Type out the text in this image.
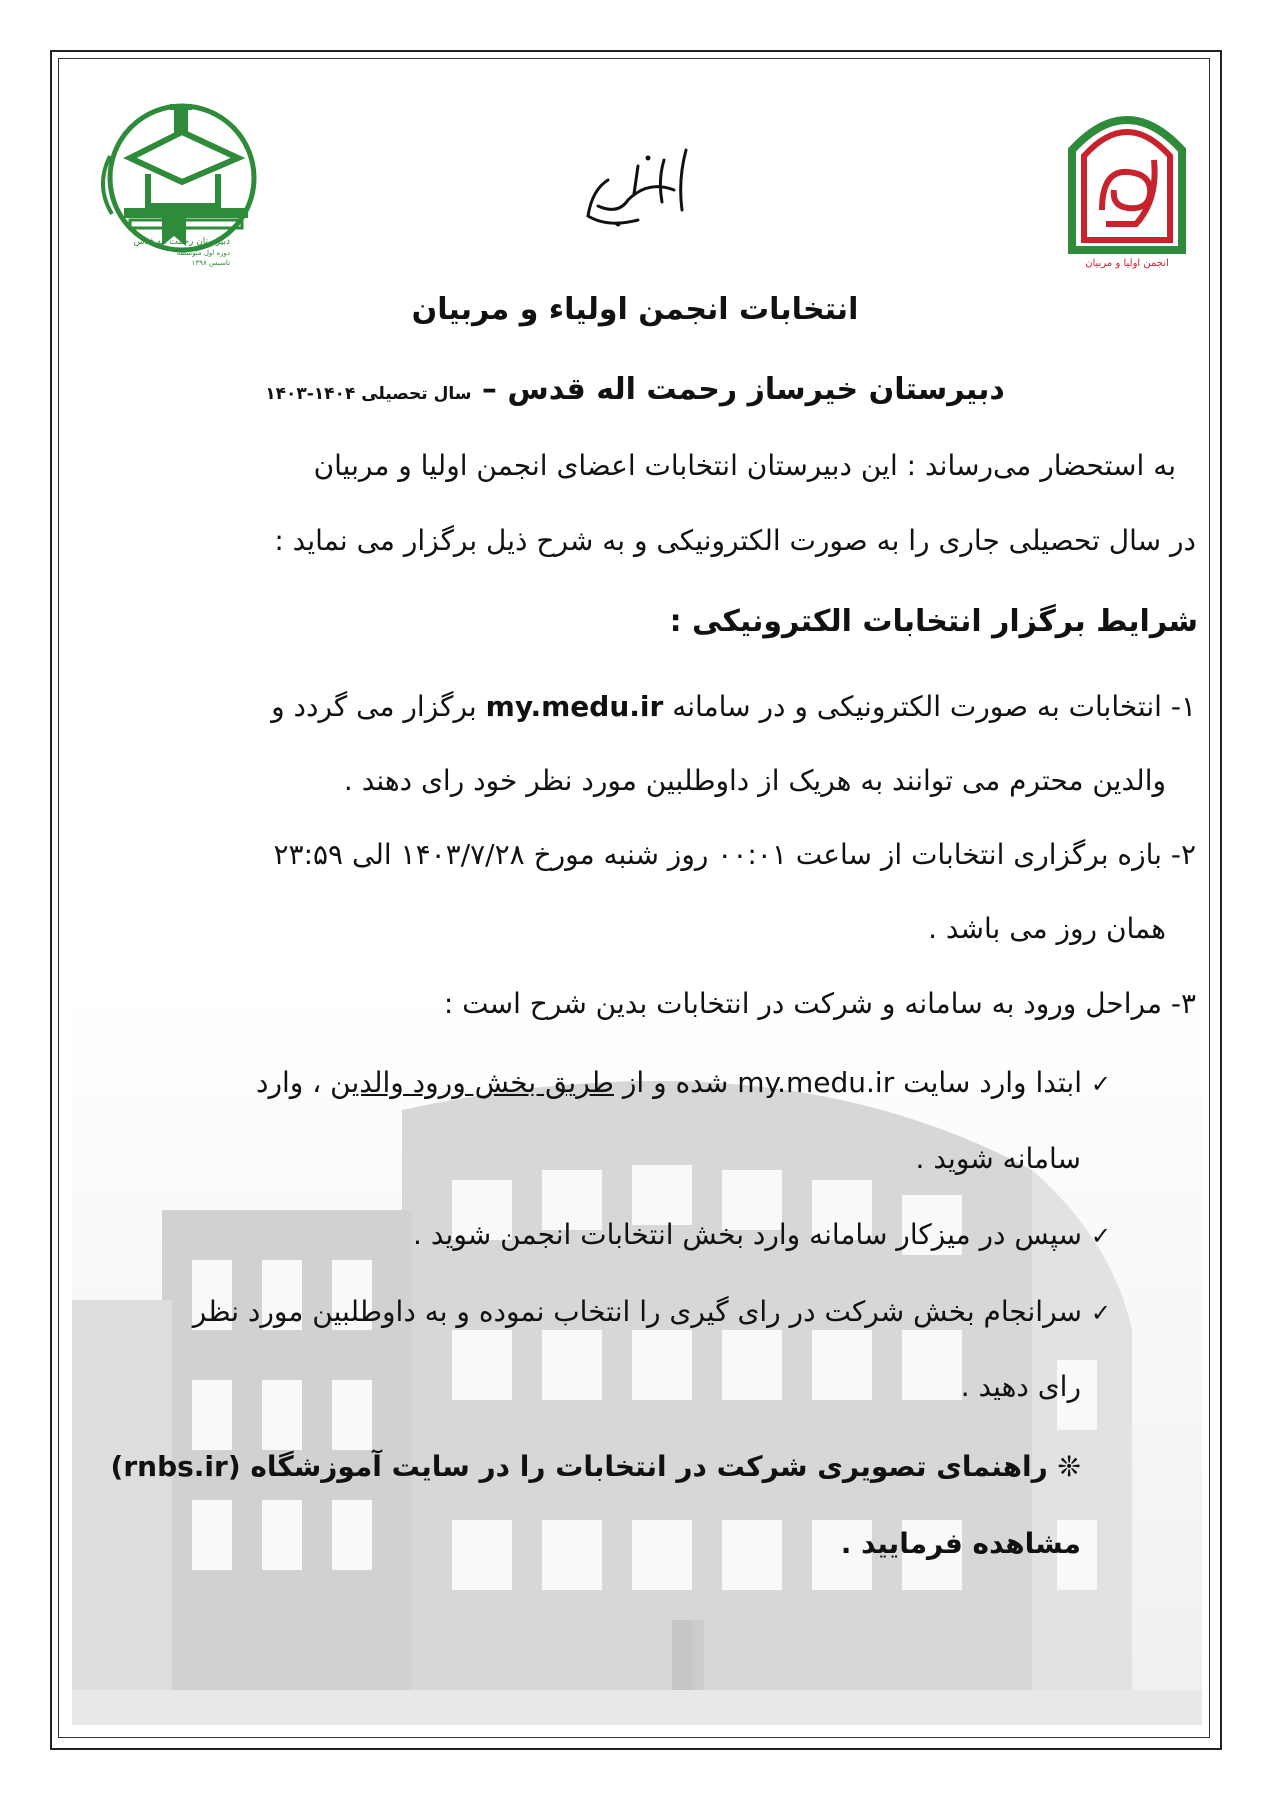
دبیرستان رحمت اله قدس
دوره اول متوسطه
تاسیس ۱۳۹۸	انجمن اولیا و مربیان
باسمه تعالی
انتخابات انجمن اولیاء و مربیان
دبیرستان خیرساز رحمت اله قدس – سال تحصیلی ۱۴۰۴-۱۴۰۳
به استحضار می‌رساند : این دبیرستان انتخابات اعضای انجمن اولیا و مربیان
در سال تحصیلی جاری را به صورت الکترونیکی و به شرح ذیل برگزار می نماید :
شرایط برگزار انتخابات الکترونیکی :
۱- انتخابات به صورت الکترونیکی و در سامانه my.medu.ir برگزار می گردد و
والدین محترم می توانند به هریک از داوطلبین مورد نظر خود رای دهند .
۲- بازه برگزاری انتخابات از ساعت ۰۰:۰۱ روز شنبه مورخ ۱۴۰۳/۷/۲۸ الی ۲۳:۵۹
همان روز می باشد .
۳- مراحل ورود به سامانه و شرکت در انتخابات بدین شرح است :
✓ ابتدا وارد سایت my.medu.ir شده و از طریق بخش ورود والدین ، وارد
سامانه شوید .
✓ سپس در میزکار سامانه وارد بخش انتخابات انجمن شوید .
✓ سرانجام بخش شرکت در رای گیری را انتخاب نموده و به داوطلبین مورد نظر
رای دهید .
❊ راهنمای تصویری شرکت در انتخابات را در سایت آموزشگاه (rnbs.ir)
مشاهده فرمایید .
